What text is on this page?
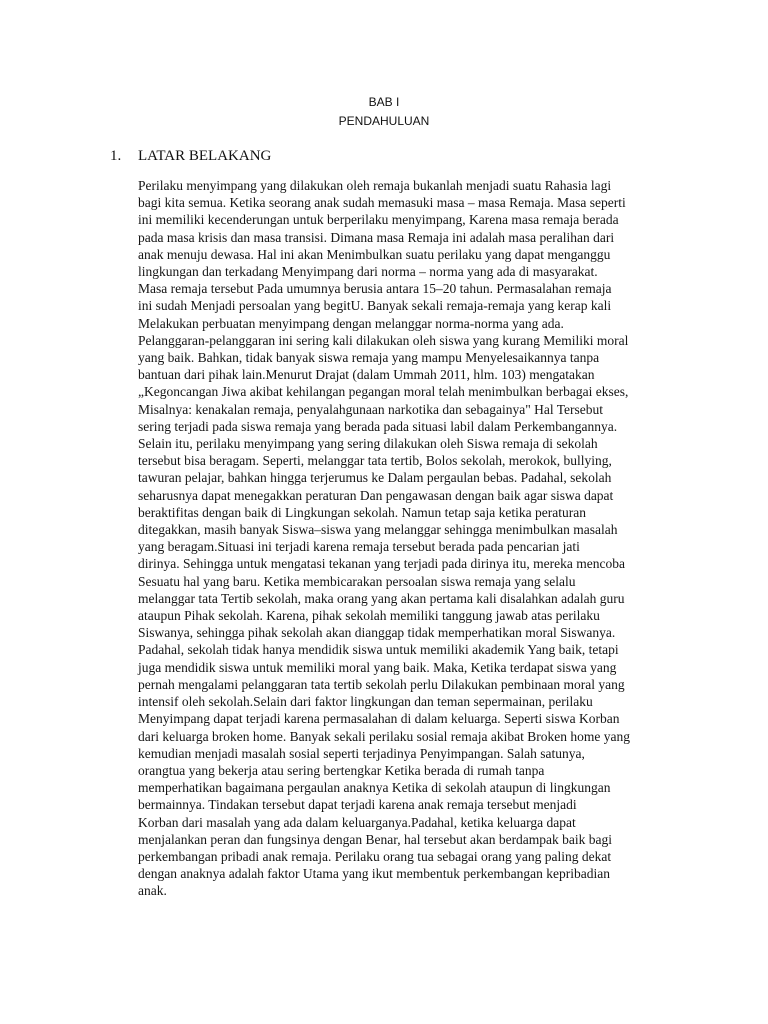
BAB I
PENDAHULUAN
1. LATAR BELAKANG
Perilaku menyimpang yang dilakukan oleh remaja bukanlah menjadi suatu Rahasia lagi
bagi kita semua. Ketika seorang anak sudah memasuki masa – masa Remaja. Masa seperti
ini memiliki kecenderungan untuk berperilaku menyimpang, Karena masa remaja berada
pada masa krisis dan masa transisi. Dimana masa Remaja ini adalah masa peralihan dari
anak menuju dewasa. Hal ini akan Menimbulkan suatu perilaku yang dapat menganggu
lingkungan dan terkadang Menyimpang dari norma – norma yang ada di masyarakat.
Masa remaja tersebut Pada umumnya berusia antara 15–20 tahun. Permasalahan remaja
ini sudah Menjadi persoalan yang begitU. Banyak sekali remaja-remaja yang kerap kali
Melakukan perbuatan menyimpang dengan melanggar norma-norma yang ada.
Pelanggaran-pelanggaran ini sering kali dilakukan oleh siswa yang kurang Memiliki moral
yang baik. Bahkan, tidak banyak siswa remaja yang mampu Menyelesaikannya tanpa
bantuan dari pihak lain.Menurut Drajat (dalam Ummah 2011, hlm. 103) mengatakan
„Kegoncangan Jiwa akibat kehilangan pegangan moral telah menimbulkan berbagai ekses,
Misalnya: kenakalan remaja, penyalahgunaan narkotika dan sebagainya" Hal Tersebut
sering terjadi pada siswa remaja yang berada pada situasi labil dalam Perkembangannya.
Selain itu, perilaku menyimpang yang sering dilakukan oleh Siswa remaja di sekolah
tersebut bisa beragam. Seperti, melanggar tata tertib, Bolos sekolah, merokok, bullying,
tawuran pelajar, bahkan hingga terjerumus ke Dalam pergaulan bebas. Padahal, sekolah
seharusnya dapat menegakkan peraturan Dan pengawasan dengan baik agar siswa dapat
beraktifitas dengan baik di Lingkungan sekolah. Namun tetap saja ketika peraturan
ditegakkan, masih banyak Siswa–siswa yang melanggar sehingga menimbulkan masalah
yang beragam.Situasi ini terjadi karena remaja tersebut berada pada pencarian jati
dirinya. Sehingga untuk mengatasi tekanan yang terjadi pada dirinya itu, mereka mencoba
Sesuatu hal yang baru. Ketika membicarakan persoalan siswa remaja yang selalu
melanggar tata Tertib sekolah, maka orang yang akan pertama kali disalahkan adalah guru
ataupun Pihak sekolah. Karena, pihak sekolah memiliki tanggung jawab atas perilaku
Siswanya, sehingga pihak sekolah akan dianggap tidak memperhatikan moral Siswanya.
Padahal, sekolah tidak hanya mendidik siswa untuk memiliki akademik Yang baik, tetapi
juga mendidik siswa untuk memiliki moral yang baik. Maka, Ketika terdapat siswa yang
pernah mengalami pelanggaran tata tertib sekolah perlu Dilakukan pembinaan moral yang
intensif oleh sekolah.Selain dari faktor lingkungan dan teman sepermainan, perilaku
Menyimpang dapat terjadi karena permasalahan di dalam keluarga. Seperti siswa Korban
dari keluarga broken home. Banyak sekali perilaku sosial remaja akibat Broken home yang
kemudian menjadi masalah sosial seperti terjadinya Penyimpangan. Salah satunya,
orangtua yang bekerja atau sering bertengkar Ketika berada di rumah tanpa
memperhatikan bagaimana pergaulan anaknya Ketika di sekolah ataupun di lingkungan
bermainnya. Tindakan tersebut dapat terjadi karena anak remaja tersebut menjadi
Korban dari masalah yang ada dalam keluarganya.Padahal, ketika keluarga dapat
menjalankan peran dan fungsinya dengan Benar, hal tersebut akan berdampak baik bagi
perkembangan pribadi anak remaja. Perilaku orang tua sebagai orang yang paling dekat
dengan anaknya adalah faktor Utama yang ikut membentuk perkembangan kepribadian
anak.
